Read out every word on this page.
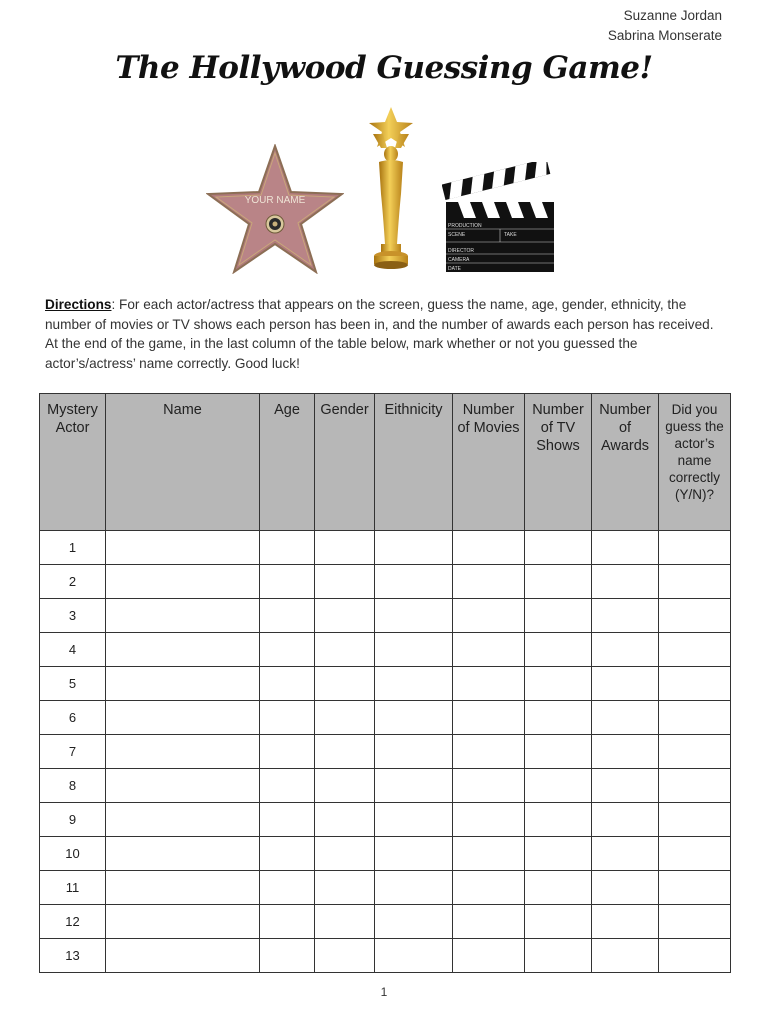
Suzanne Jordan
Sabrina Monserate
The Hollywood Guessing Game!
YOUR NAME
PRODUCTION
SCENE	TAKE
DIRECTOR
CAMERA
DATE
Directions: For each actor/actress that appears on the screen, guess the name, age, gender, ethnicity, the number of movies or TV shows each person has been in, and the number of awards each person has received. At the end of the game, in the last column of the table below, mark whether or not you guessed the actor’s/actress’ name correctly. Good luck!
Mystery Actor	Name	Age	Gender	Eithnicity	Number of Movies	Number of TV Shows	Number of Awards	Did you guess the actor’s name correctly (Y/N)?
1								
2								
3								
4								
5								
6								
7								
8								
9								
10								
11								
12								
13								
1
